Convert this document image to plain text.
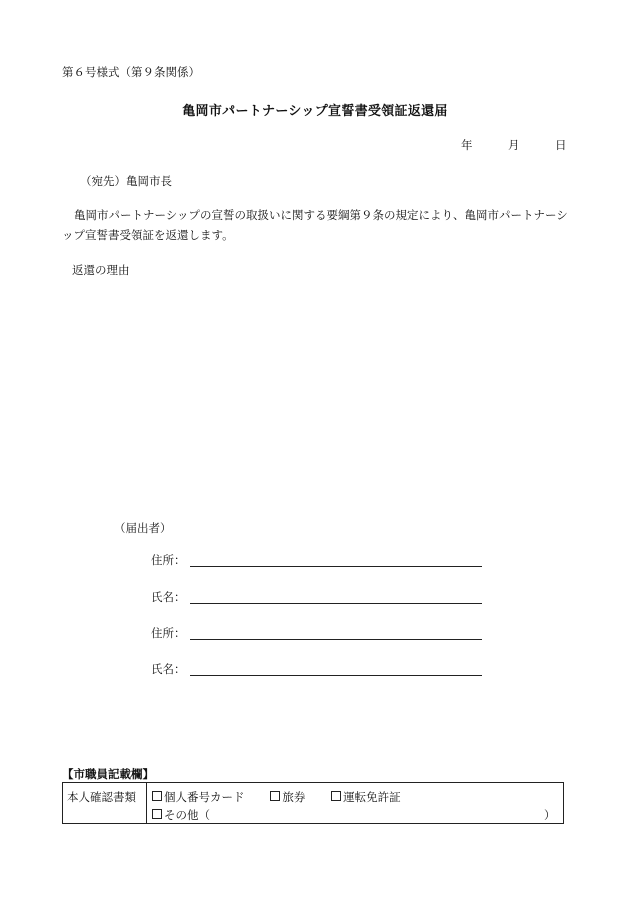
第６号様式（第９条関係）
亀岡市パートナーシップ宣誓書受領証返還届
年	月	日
（宛先）亀岡市長
亀岡市パートナーシップの宣誓の取扱いに関する要綱第９条の規定により、亀岡市パートナーシップ宣誓書受領証を返還します。
返還の理由
（届出者）
住所：
氏名：
住所：
氏名：
【市職員記載欄】
本人確認書類	個人番号カード	旅券	運転免許証
その他（	）
